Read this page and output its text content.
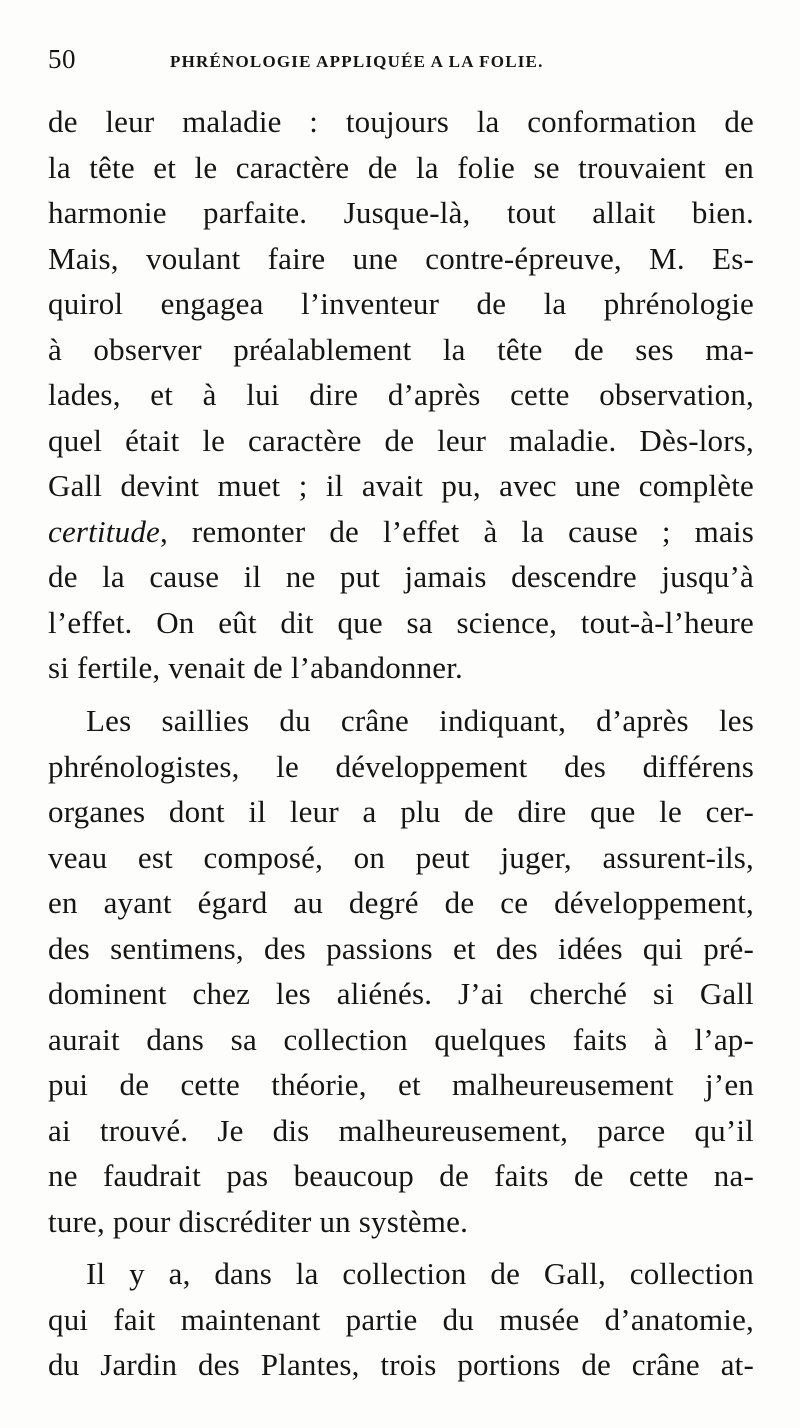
50	PHRÉNOLOGIE APPLIQUÉE A LA FOLIE.
de leur maladie : toujours la conformation de
la tête et le caractère de la folie se trouvaient en
harmonie parfaite. Jusque-là, tout allait bien.
Mais, voulant faire une contre-épreuve, M. Es-
quirol engagea l’inventeur de la phrénologie
à observer préalablement la tête de ses ma-
lades, et à lui dire d’après cette observation,
quel était le caractère de leur maladie. Dès-lors,
Gall devint muet ; il avait pu, avec une complète
certitude, remonter de l’effet à la cause ; mais
de la cause il ne put jamais descendre jusqu’à
l’effet. On eût dit que sa science, tout-à-l’heure
si fertile, venait de l’abandonner.
Les saillies du crâne indiquant, d’après les
phrénologistes, le développement des différens
organes dont il leur a plu de dire que le cer-
veau est composé, on peut juger, assurent-ils,
en ayant égard au degré de ce développement,
des sentimens, des passions et des idées qui pré-
dominent chez les aliénés. J’ai cherché si Gall
aurait dans sa collection quelques faits à l’ap-
pui de cette théorie, et malheureusement j’en
ai trouvé. Je dis malheureusement, parce qu’il
ne faudrait pas beaucoup de faits de cette na-
ture, pour discréditer un système.
Il y a, dans la collection de Gall, collection
qui fait maintenant partie du musée d’anatomie,
du Jardin des Plantes, trois portions de crâne at-
